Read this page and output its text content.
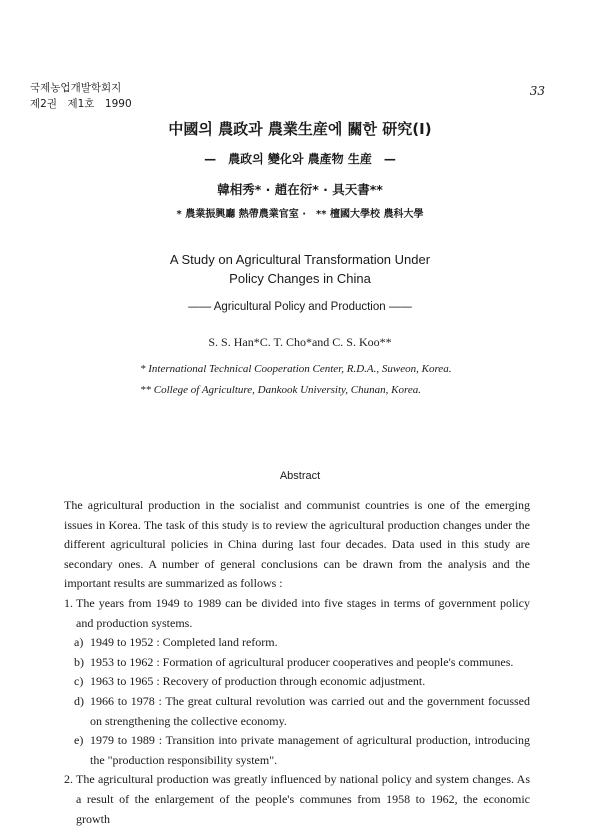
국제농업개발학회지
제2권　제1호　1990
33
中國의 農政과 農業生産에 關한 研究(I)
—　農政의 變化와 農產物 生産　—
韓相秀* · 趙在衍* · 具天書**
* 農業振興廳 熱帶農業官室 ·　** 檀國大學校 農科大學
A Study on Agricultural Transformation Under
Policy Changes in China
—— Agricultural Policy and Production ——
S. S. Han*C. T. Cho*and C. S. Koo**
* International Technical Cooperation Center, R.D.A., Suweon, Korea.
** College of Agriculture, Dankook University, Chunan, Korea.
Abstract

The agricultural production in the socialist and communist countries is one of the emerging issues in Korea. The task of this study is to review the agricultural production changes under the different agricultural policies in China during last four decades. Data used in this study are secondary ones. A number of general conclusions can be drawn from the analysis and the important results are summarized as follows :

1. The years from 1949 to 1989 can be divided into five stages in terms of government policy and production systems.
a) 1949 to 1952 : Completed land reform.
b) 1953 to 1962 : Formation of agricultural producer cooperatives and people's communes.
c) 1963 to 1965 : Recovery of production through economic adjustment.
d) 1966 to 1978 : The great cultural revolution was carried out and the government focussed on strengthening the collective economy.
e) 1979 to 1989 : Transition into private management of agricultural production, introducing the "production responsibility system".
2. The agricultural production was greatly influenced by national policy and system changes. As a result of the enlargement of the people's communes from 1958 to 1962, the economic growth
